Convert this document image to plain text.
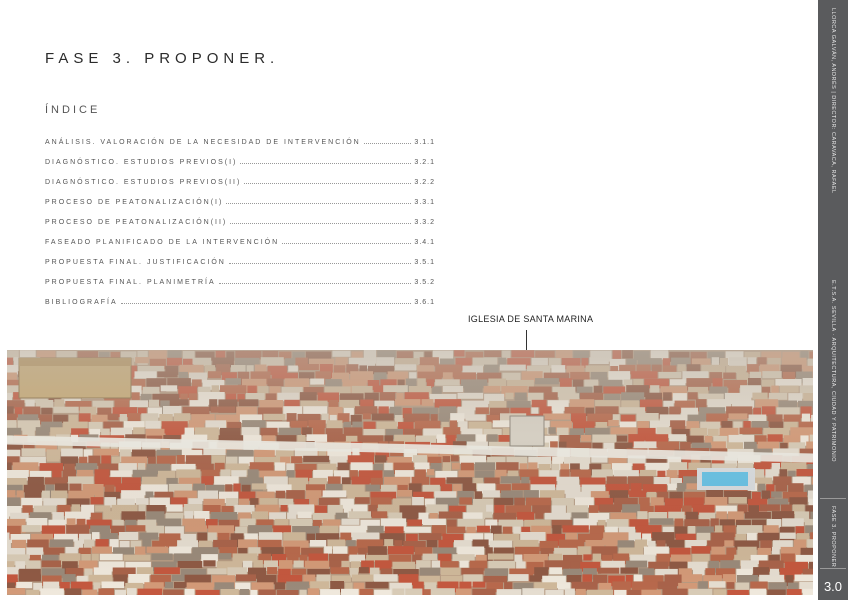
FASE 3. PROPONER.
ÍNDICE
ANÁLISIS. VALORACIÓN DE LA NECESIDAD DE INTERVENCIÓN	3.1.1
DIAGNÓSTICO. ESTUDIOS PREVIOS(I)	3.2.1
DIAGNÓSTICO. ESTUDIOS PREVIOS(II)	3.2.2
PROCESO DE PEATONALIZACIÓN(I)	3.3.1
PROCESO DE PEATONALIZACIÓN(II)	3.3.2
FASEADO PLANIFICADO DE LA INTERVENCIÓN	3.4.1
PROPUESTA FINAL. JUSTIFICACIÓN	3.5.1
PROPUESTA FINAL. PLANIMETRÍA	3.5.2
BIBLIOGRAFÍA	3.6.1
IGLESIA DE SANTA MARINA
LLORCA GALVÁN, ANDRÉS | DIRECTOR: CARAVACA, RAFAEL
E.T.S.A. SEVILLA · ARQUITECTURA, CIUDAD Y PATRIMONIO
FASE 3. PROPONER
3.0
